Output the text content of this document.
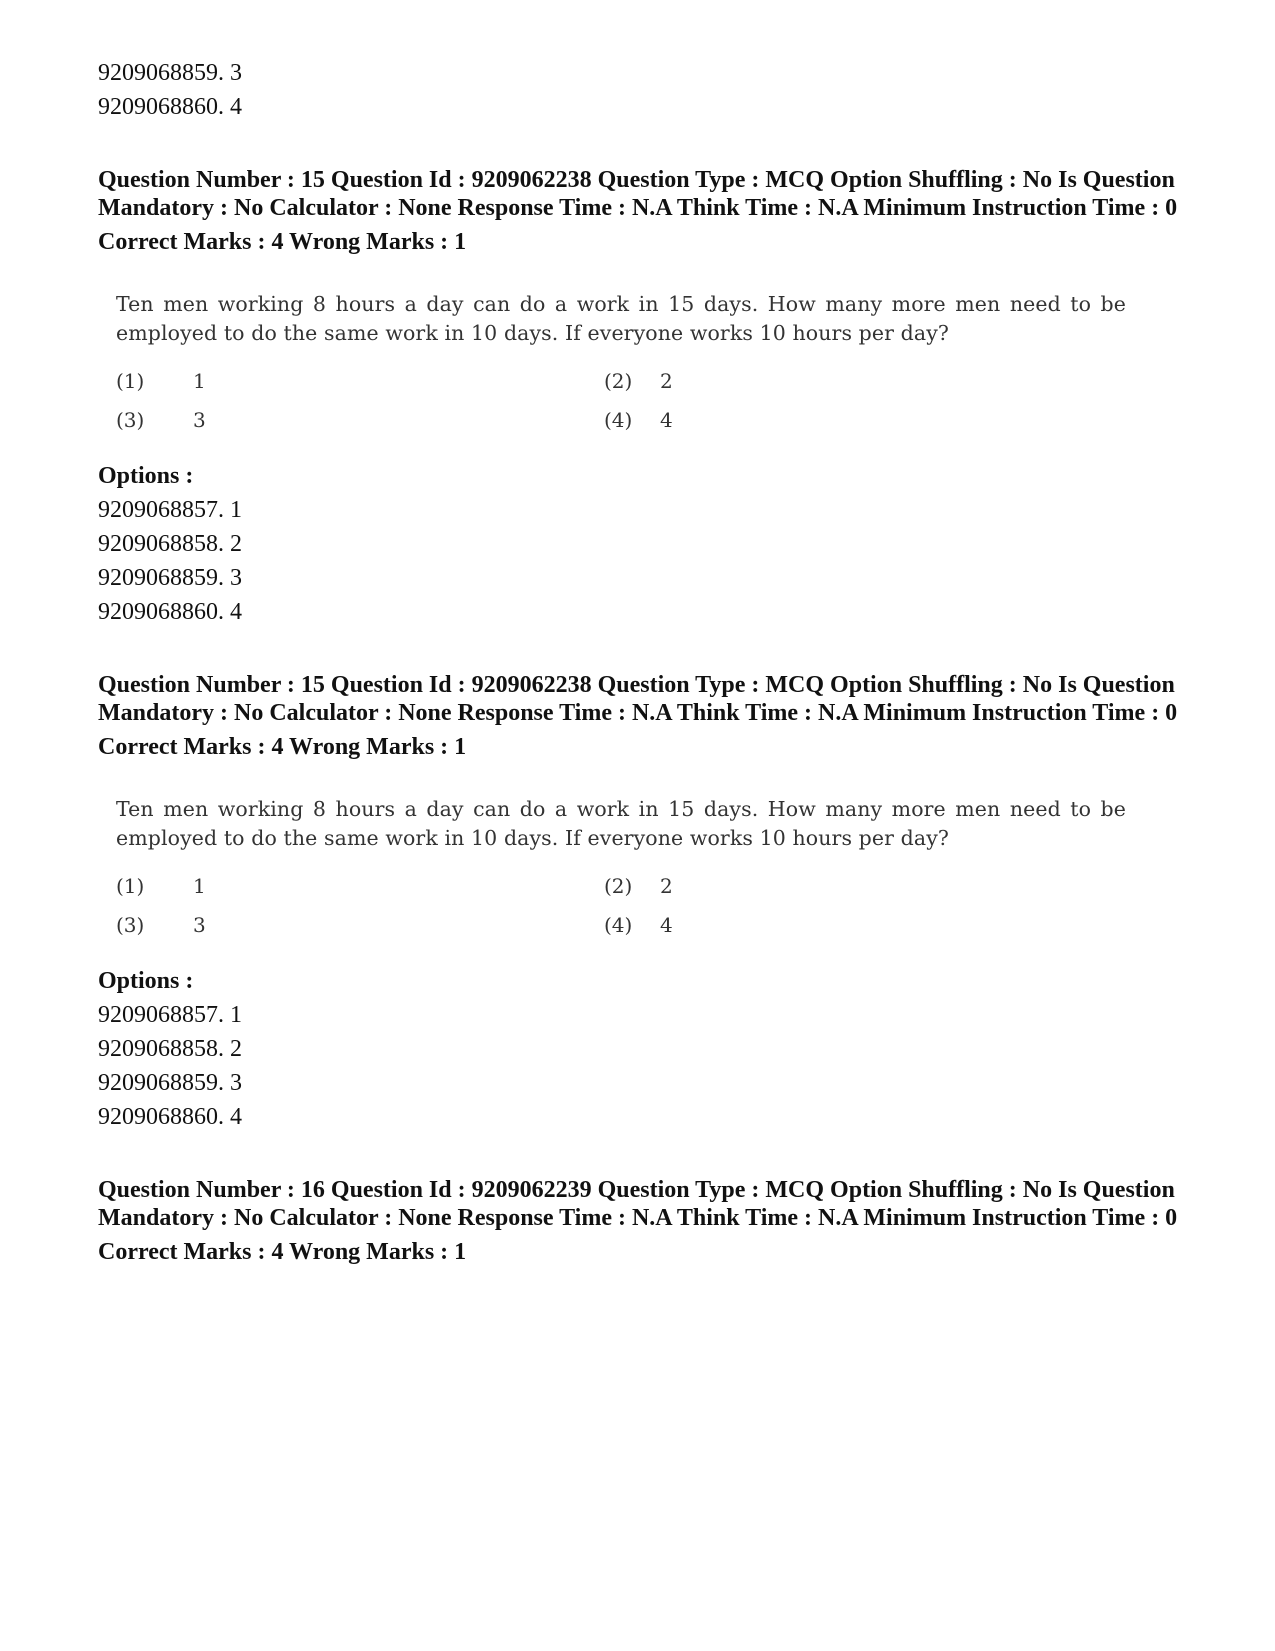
9209068859. 3

9209068860. 4

Question Number : 15 Question Id : 9209062238 Question Type : MCQ Option Shuffling : No Is Question Mandatory : No Calculator : None Response Time : N.A Think Time : N.A Minimum Instruction Time : 0

Correct Marks : 4 Wrong Marks : 1

Ten men working 8 hours a day can do a work in 15 days. How many more men need to be employed to do the same work in 10 days. If everyone works 10 hours per day?

(1)	1	(2)	2
(3)	3	(4)	4

Options :

9209068857. 1

9209068858. 2

9209068859. 3

9209068860. 4

Question Number : 15 Question Id : 9209062238 Question Type : MCQ Option Shuffling : No Is Question Mandatory : No Calculator : None Response Time : N.A Think Time : N.A Minimum Instruction Time : 0

Correct Marks : 4 Wrong Marks : 1

Ten men working 8 hours a day can do a work in 15 days. How many more men need to be employed to do the same work in 10 days. If everyone works 10 hours per day?

(1)	1	(2)	2
(3)	3	(4)	4

Options :

9209068857. 1

9209068858. 2

9209068859. 3

9209068860. 4

Question Number : 16 Question Id : 9209062239 Question Type : MCQ Option Shuffling : No Is Question Mandatory : No Calculator : None Response Time : N.A Think Time : N.A Minimum Instruction Time : 0

Correct Marks : 4 Wrong Marks : 1
